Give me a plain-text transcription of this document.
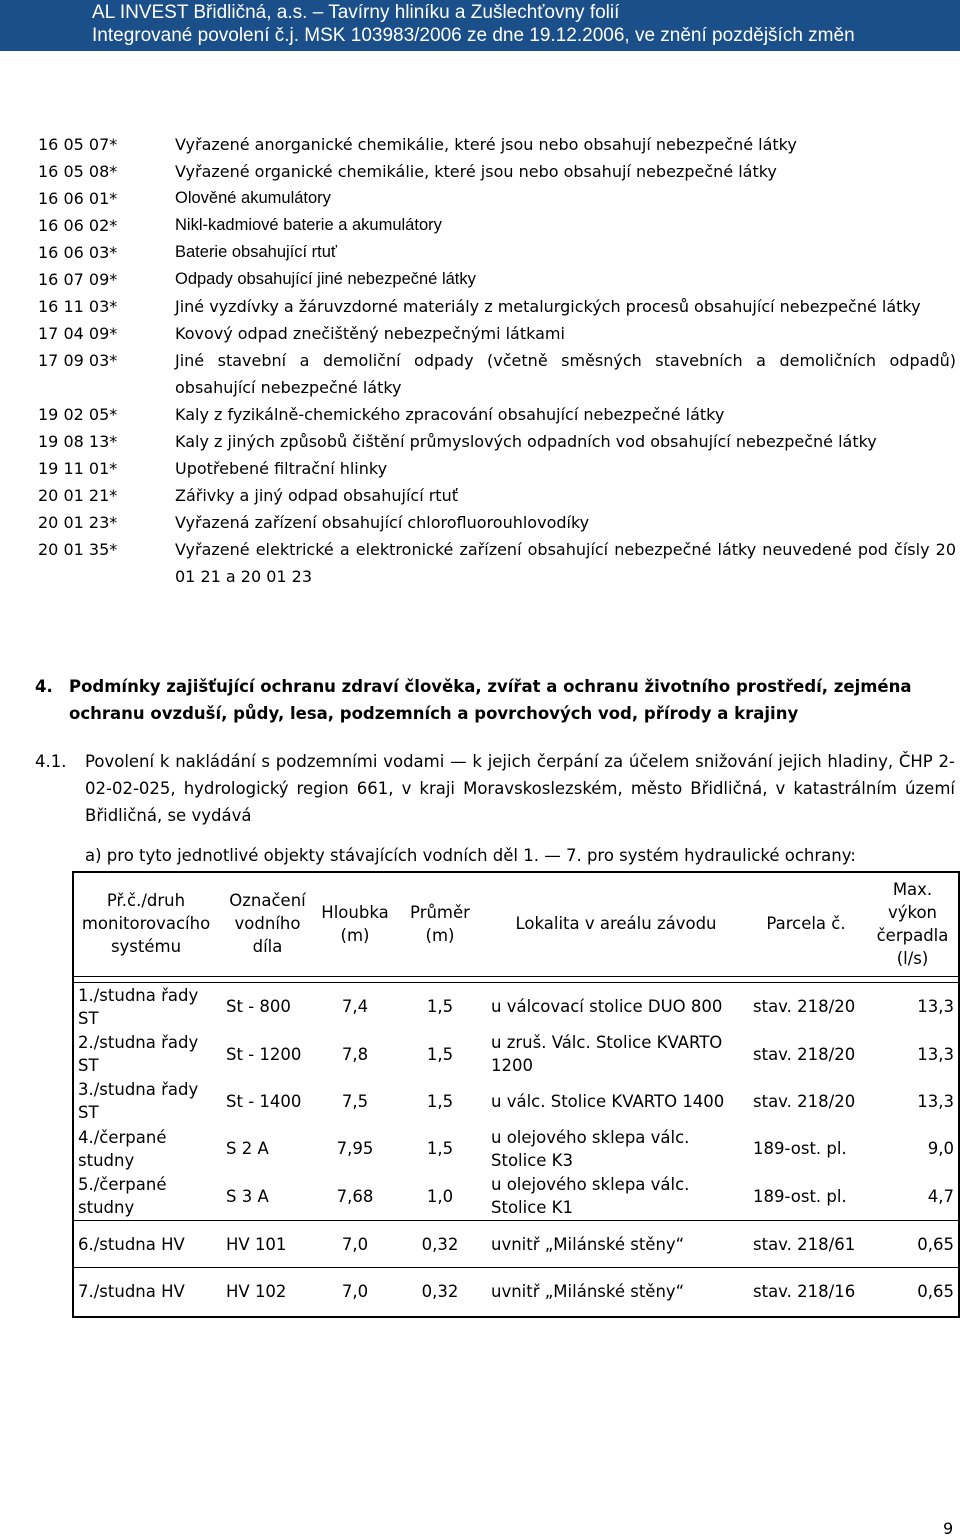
AL INVEST Břidličná, a.s. – Tavírny hliníku a Zušlechťovny folií
Integrované povolení č.j. MSK 103983/2006 ze dne 19.12.2006, ve znění pozdějších změn
16 05 07*	Vyřazené anorganické chemikálie, které jsou nebo obsahují nebezpečné látky
16 05 08*	Vyřazené organické chemikálie, které jsou nebo obsahují nebezpečné látky
16 06 01*	Olověné akumulátory
16 06 02*	Nikl-kadmiové baterie a akumulátory
16 06 03*	Baterie obsahující rtuť
16 07 09*	Odpady obsahující jiné nebezpečné látky
16 11 03*	Jiné vyzdívky a žáruvzdorné materiály z metalurgických procesů obsahující nebezpečné látky
17 04 09*	Kovový odpad znečištěný nebezpečnými látkami
17 09 03*	Jiné stavební a demoliční odpady (včetně směsných stavebních a demoličních odpadů) obsahující nebezpečné látky
19 02 05*	Kaly z fyzikálně-chemického zpracování obsahující nebezpečné látky
19 08 13*	Kaly z jiných způsobů čištění průmyslových odpadních vod obsahující nebezpečné látky
19 11 01*	Upotřebené filtrační hlinky
20 01 21*	Zářivky a jiný odpad obsahující rtuť
20 01 23*	Vyřazená zařízení obsahující chlorofluorouhlovodíky
20 01 35*	Vyřazené elektrické a elektronické zařízení obsahující nebezpečné látky neuvedené pod čísly 20 01 21 a 20 01 23
4. Podmínky zajišťující ochranu zdraví člověka, zvířat a ochranu životního prostředí, zejména ochranu ovzduší, půdy, lesa, podzemních a povrchových vod, přírody a krajiny
4.1.	Povolení k nakládání s podzemními vodami — k jejich čerpání za účelem snižování jejich hladiny, ČHP 2-02-02-025, hydrologický region 661, v kraji Moravskoslezském, město Břidličná, v katastrálním území Břidličná, se vydává
a) pro tyto jednotlivé objekty stávajících vodních děl 1. — 7. pro systém hydraulické ochrany:
Př.č./druh monitorovacího systému	Označení vodního díla	Hloubka (m)	Průměr (m)	Lokalita v areálu závodu	Parcela č.	Max. výkon čerpadla (l/s)

1./studna řady ST	St - 800	7,4	1,5	u válcovací stolice DUO 800	stav. 218/20	13,3
2./studna řady ST	St - 1200	7,8	1,5	u zruš. Válc. Stolice KVARTO 1200	stav. 218/20	13,3
3./studna řady ST	St - 1400	7,5	1,5	u válc. Stolice KVARTO 1400	stav. 218/20	13,3
4./čerpané studny	S 2 A	7,95	1,5	u olejového sklepa válc. Stolice K3	189-ost. pl.	9,0
5./čerpané studny	S 3 A	7,68	1,0	u olejového sklepa válc. Stolice K1	189-ost. pl.	4,7
6./studna HV	HV 101	7,0	0,32	uvnitř „Milánské stěny“	stav. 218/61	0,65
7./studna HV	HV 102	7,0	0,32	uvnitř „Milánské stěny“	stav. 218/16	0,65
9
